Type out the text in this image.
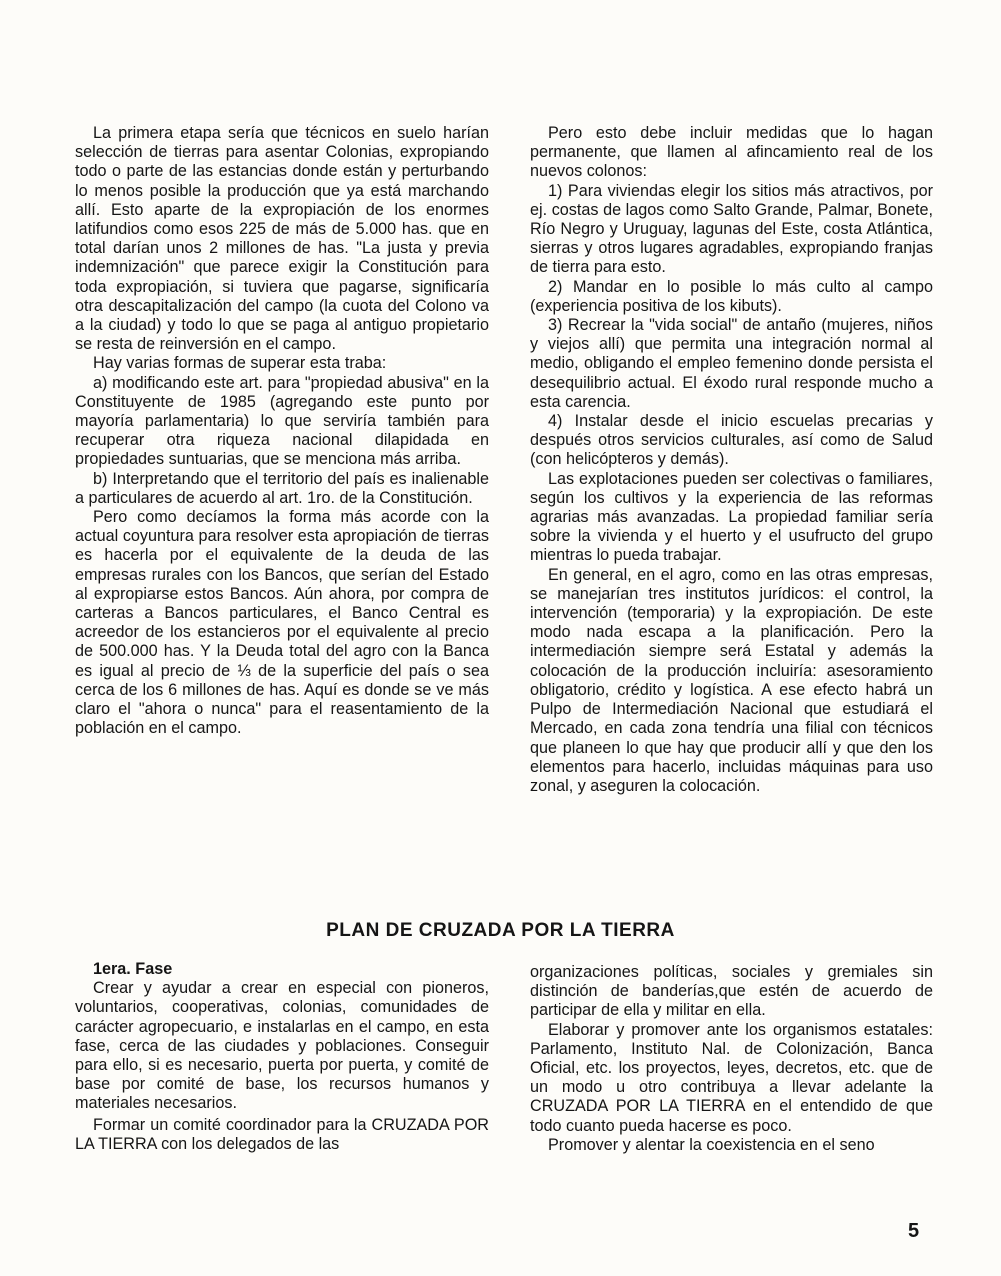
La primera etapa sería que técnicos en suelo harían selección de tierras para asentar Colonias, expropiando todo o parte de las estancias donde están y perturbando lo menos posible la producción que ya está marchando allí. Esto aparte de la expropiación de los enormes latifundios como esos 225 de más de 5.000 has. que en total darían unos 2 millones de has. "La justa y previa indemnización" que parece exigir la Constitución para toda expropiación, si tuviera que pagarse, significaría otra descapitalización del campo (la cuota del Colono va a la ciudad) y todo lo que se paga al antiguo propietario se resta de reinversión en el campo.

Hay varias formas de superar esta traba:

a) modificando este art. para "propiedad abusiva" en la Constituyente de 1985 (agregando este punto por mayoría parlamentaria) lo que serviría también para recuperar otra riqueza nacional dilapidada en propiedades suntuarias, que se menciona más arriba.

b) Interpretando que el territorio del país es inalienable a particulares de acuerdo al art. 1ro. de la Constitución.

Pero como decíamos la forma más acorde con la actual coyuntura para resolver esta apropiación de tierras es hacerla por el equivalente de la deuda de las empresas rurales con los Bancos, que serían del Estado al expropiarse estos Bancos. Aún ahora, por compra de carteras a Bancos particulares, el Banco Central es acreedor de los estancieros por el equivalente al precio de 500.000 has. Y la Deuda total del agro con la Banca es igual al precio de ⅓ de la superficie del país o sea cerca de los 6 millones de has. Aquí es donde se ve más claro el "ahora o nunca" para el reasentamiento de la población en el campo.

Pero esto debe incluir medidas que lo hagan permanente, que llamen al afincamiento real de los nuevos colonos:

1) Para viviendas elegir los sitios más atractivos, por ej. costas de lagos como Salto Grande, Palmar, Bonete, Río Negro y Uruguay, lagunas del Este, costa Atlántica, sierras y otros lugares agradables, expropiando franjas de tierra para esto.

2) Mandar en lo posible lo más culto al campo (experiencia positiva de los kibuts).

3) Recrear la "vida social" de antaño (mujeres, niños y viejos allí) que permita una integración normal al medio, obligando el empleo femenino donde persista el desequilibrio actual. El éxodo rural responde mucho a esta carencia.

4) Instalar desde el inicio escuelas precarias y después otros servicios culturales, así como de Salud (con helicópteros y demás).

Las explotaciones pueden ser colectivas o familiares, según los cultivos y la experiencia de las reformas agrarias más avanzadas. La propiedad familiar sería sobre la vivienda y el huerto y el usufructo del grupo mientras lo pueda trabajar.

En general, en el agro, como en las otras empresas, se manejarían tres institutos jurídicos: el control, la intervención (temporaria) y la expropiación. De este modo nada escapa a la planificación. Pero la intermediación siempre será Estatal y además la colocación de la producción incluiría: asesoramiento obligatorio, crédito y logística. A ese efecto habrá un Pulpo de Intermediación Nacional que estudiará el Mercado, en cada zona tendría una filial con técnicos que planeen lo que hay que producir allí y que den los elementos para hacerlo, incluidas máquinas para uso zonal, y aseguren la colocación.

PLAN DE CRUZADA POR LA TIERRA

1era. Fase

Crear y ayudar a crear en especial con pioneros, voluntarios, cooperativas, colonias, comunidades de carácter agropecuario, e instalarlas en el campo, en esta fase, cerca de las ciudades y poblaciones. Conseguir para ello, si es necesario, puerta por puerta, y comité de base por comité de base, los recursos humanos y materiales necesarios.

Formar un comité coordinador para la CRUZADA POR LA TIERRA con los delegados de las

organizaciones políticas, sociales y gremiales sin distinción de banderías,que estén de acuerdo de participar de ella y militar en ella.

Elaborar y promover ante los organismos estatales: Parlamento, Instituto Nal. de Colonización, Banca Oficial, etc. los proyectos, leyes, decretos, etc. que de un modo u otro contribuya a llevar adelante la CRUZADA POR LA TIERRA en el entendido de que todo cuanto pueda hacerse es poco.

Promover y alentar la coexistencia en el seno

5
